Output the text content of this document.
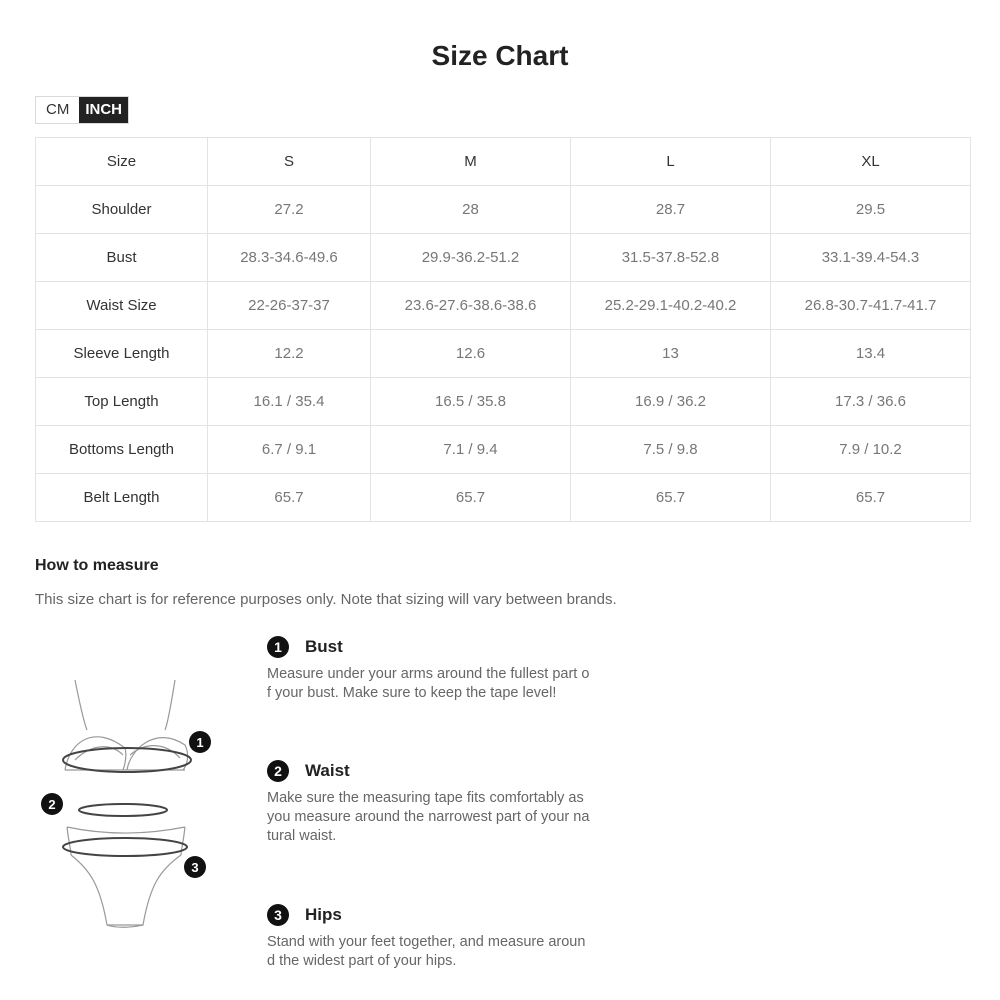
Size Chart
CM	INCH
Size	S	M	L	XL
Shoulder	27.2	28	28.7	29.5
Bust	28.3-34.6-49.6	29.9-36.2-51.2	31.5-37.8-52.8	33.1-39.4-54.3
Waist Size	22-26-37-37	23.6-27.6-38.6-38.6	25.2-29.1-40.2-40.2	26.8-30.7-41.7-41.7
Sleeve Length	12.2	12.6	13	13.4
Top Length	16.1 / 35.4	16.5 / 35.8	16.9 / 36.2	17.3 / 36.6
Bottoms Length	6.7 / 9.1	7.1 / 9.4	7.5 / 9.8	7.9 / 10.2
Belt Length	65.7	65.7	65.7	65.7
How to measure
This size chart is for reference purposes only. Note that sizing will vary between brands.
1
2
3
1	Bust
Measure under your arms around the fullest part o
f your bust. Make sure to keep the tape level!
2	Waist
Make sure the measuring tape fits comfortably as
you measure around the narrowest part of your na
tural waist.
3	Hips
Stand with your feet together, and measure aroun
d the widest part of your hips.
